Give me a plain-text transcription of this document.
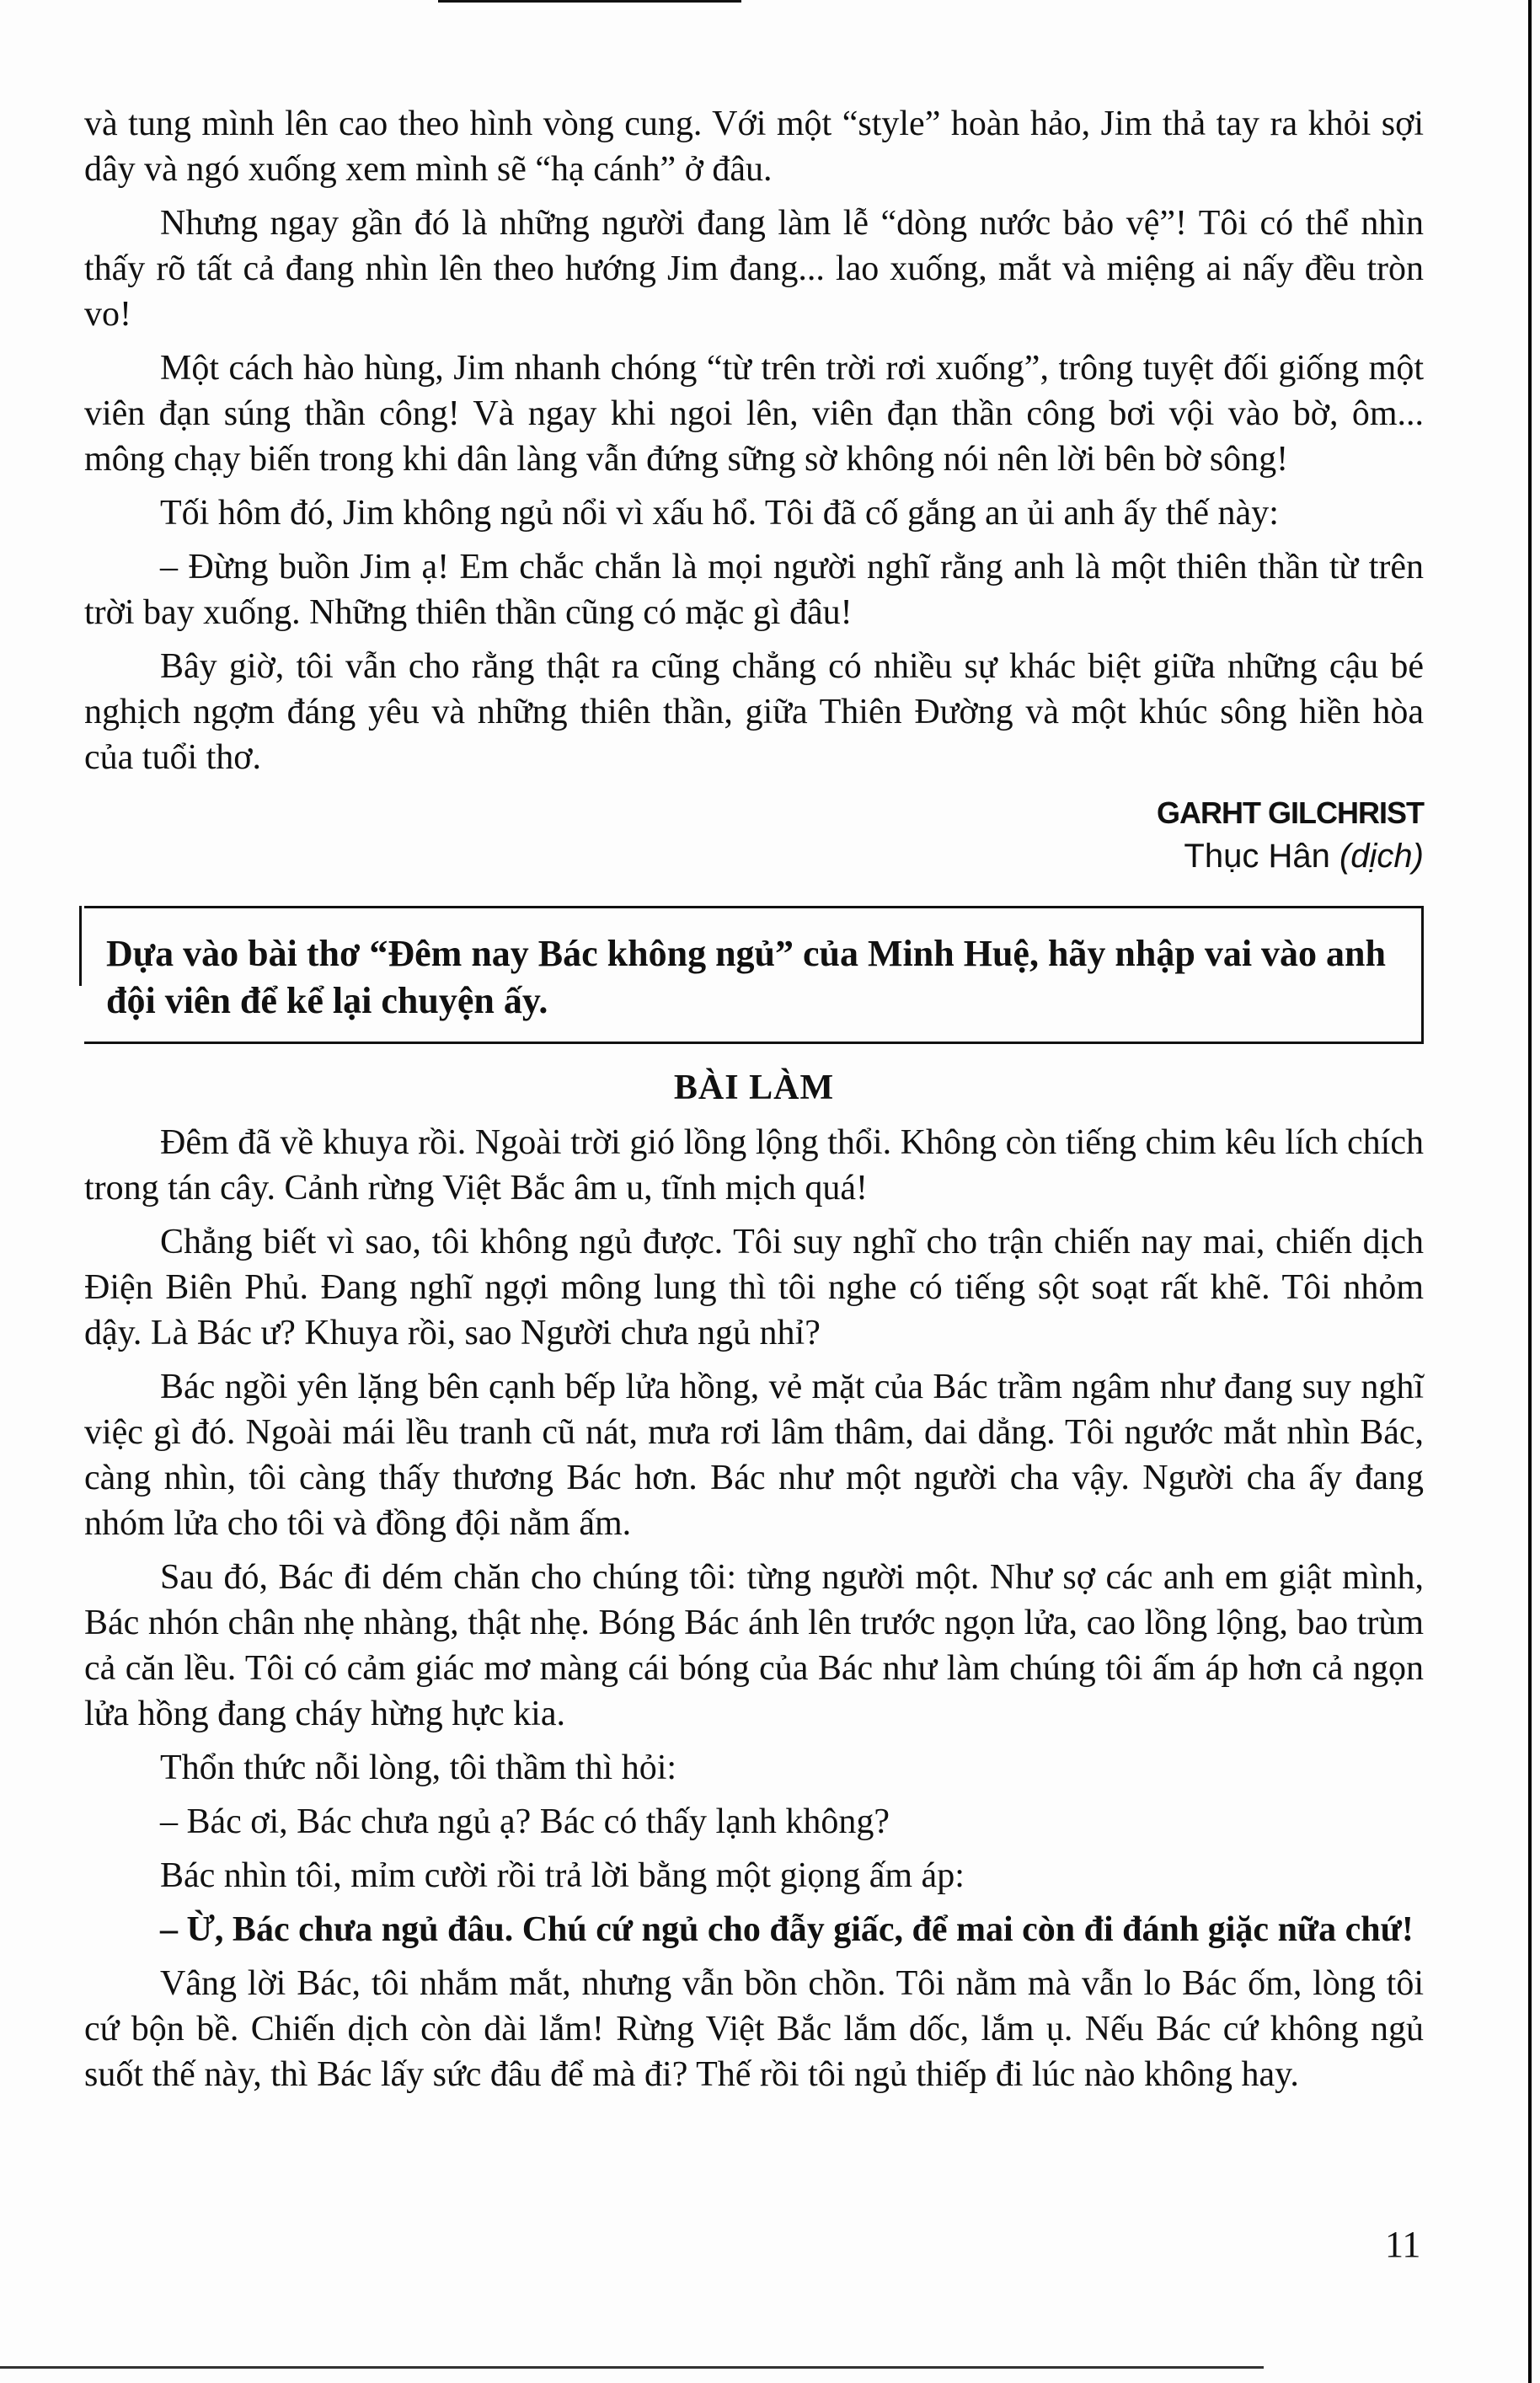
và tung mình lên cao theo hình vòng cung. Với một “style” hoàn hảo, Jim thả tay ra khỏi sợi dây và ngó xuống xem mình sẽ “hạ cánh” ở đâu.

Nhưng ngay gần đó là những người đang làm lễ “dòng nước bảo vệ”! Tôi có thể nhìn thấy rõ tất cả đang nhìn lên theo hướng Jim đang... lao xuống, mắt và miệng ai nấy đều tròn vo!

Một cách hào hùng, Jim nhanh chóng “từ trên trời rơi xuống”, trông tuyệt đối giống một viên đạn súng thần công! Và ngay khi ngoi lên, viên đạn thần công bơi vội vào bờ, ôm... mông chạy biến trong khi dân làng vẫn đứng sững sờ không nói nên lời bên bờ sông!

Tối hôm đó, Jim không ngủ nổi vì xấu hổ. Tôi đã cố gắng an ủi anh ấy thế này:

– Đừng buồn Jim ạ! Em chắc chắn là mọi người nghĩ rằng anh là một thiên thần từ trên trời bay xuống. Những thiên thần cũng có mặc gì đâu!

Bây giờ, tôi vẫn cho rằng thật ra cũng chẳng có nhiều sự khác biệt giữa những cậu bé nghịch ngợm đáng yêu và những thiên thần, giữa Thiên Đường và một khúc sông hiền hòa của tuổi thơ.

GARHT GILCHRIST
Thục Hân (dịch)

Dựa vào bài thơ “Đêm nay Bác không ngủ” của Minh Huệ, hãy nhập vai vào anh đội viên để kể lại chuyện ấy.

BÀI LÀM

Đêm đã về khuya rồi. Ngoài trời gió lồng lộng thổi. Không còn tiếng chim kêu lích chích trong tán cây. Cảnh rừng Việt Bắc âm u, tĩnh mịch quá!

Chẳng biết vì sao, tôi không ngủ được. Tôi suy nghĩ cho trận chiến nay mai, chiến dịch Điện Biên Phủ. Đang nghĩ ngợi mông lung thì tôi nghe có tiếng sột soạt rất khẽ. Tôi nhỏm dậy. Là Bác ư? Khuya rồi, sao Người chưa ngủ nhỉ?

Bác ngồi yên lặng bên cạnh bếp lửa hồng, vẻ mặt của Bác trầm ngâm như đang suy nghĩ việc gì đó. Ngoài mái lều tranh cũ nát, mưa rơi lâm thâm, dai dẳng. Tôi ngước mắt nhìn Bác, càng nhìn, tôi càng thấy thương Bác hơn. Bác như một người cha vậy. Người cha ấy đang nhóm lửa cho tôi và đồng đội nằm ấm.

Sau đó, Bác đi dém chăn cho chúng tôi: từng người một. Như sợ các anh em giật mình, Bác nhón chân nhẹ nhàng, thật nhẹ. Bóng Bác ánh lên trước ngọn lửa, cao lồng lộng, bao trùm cả căn lều. Tôi có cảm giác mơ màng cái bóng của Bác như làm chúng tôi ấm áp hơn cả ngọn lửa hồng đang cháy hừng hực kia.

Thổn thức nỗi lòng, tôi thầm thì hỏi:

– Bác ơi, Bác chưa ngủ ạ? Bác có thấy lạnh không?

Bác nhìn tôi, mỉm cười rồi trả lời bằng một giọng ấm áp:

– Ừ, Bác chưa ngủ đâu. Chú cứ ngủ cho đẫy giấc, để mai còn đi đánh giặc nữa chứ!

Vâng lời Bác, tôi nhắm mắt, nhưng vẫn bồn chồn. Tôi nằm mà vẫn lo Bác ốm, lòng tôi cứ bộn bề. Chiến dịch còn dài lắm! Rừng Việt Bắc lắm dốc, lắm ụ. Nếu Bác cứ không ngủ suốt thế này, thì Bác lấy sức đâu để mà đi? Thế rồi tôi ngủ thiếp đi lúc nào không hay.

11
